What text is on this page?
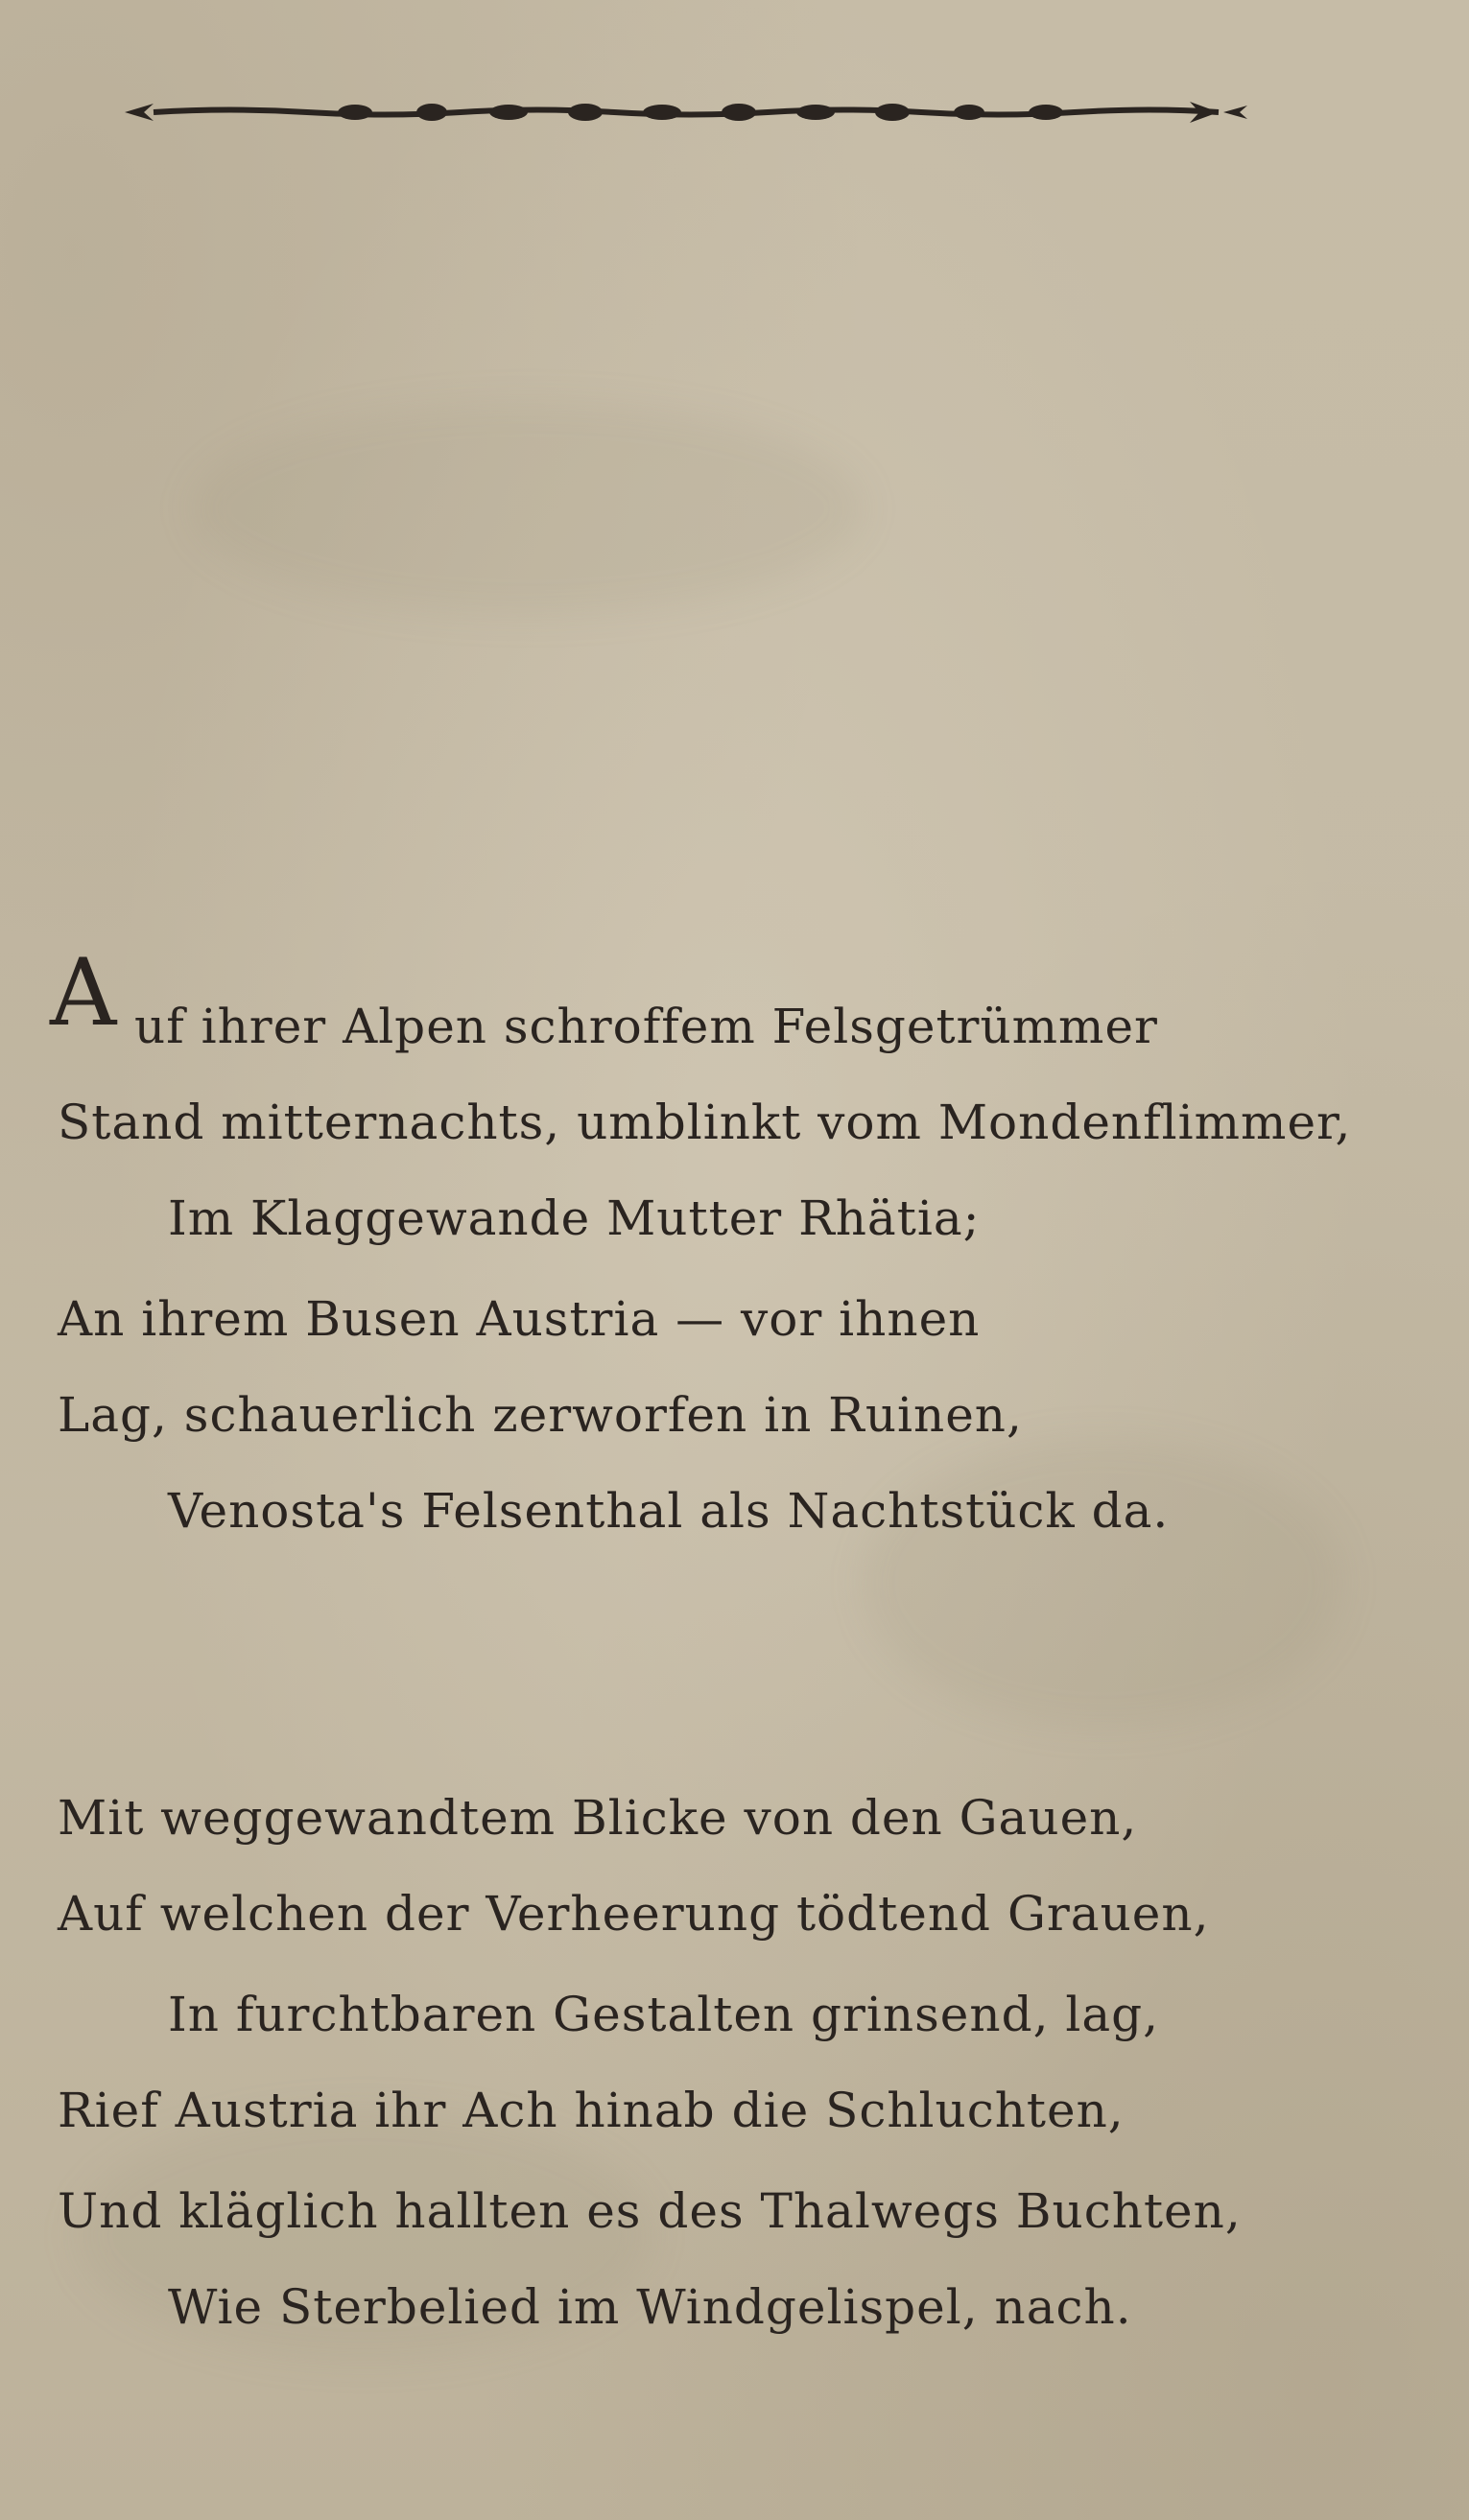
A uf ihrer Alpen schroffem Felsgetrümmer
Stand mitternachts, umblinkt vom Mondenflimmer,
Im Klaggewande Mutter Rhätia;
An ihrem Busen Austria — vor ihnen
Lag, schauerlich zerworfen in Ruinen,
Venosta's Felsenthal als Nachtstück da.
Mit weggewandtem Blicke von den Gauen,
Auf welchen der Verheerung tödtend Grauen,
In furchtbaren Gestalten grinsend, lag,
Rief Austria ihr Ach hinab die Schluchten,
Und kläglich hallten es des Thalwegs Buchten,
Wie Sterbelied im Windgelispel, nach.
